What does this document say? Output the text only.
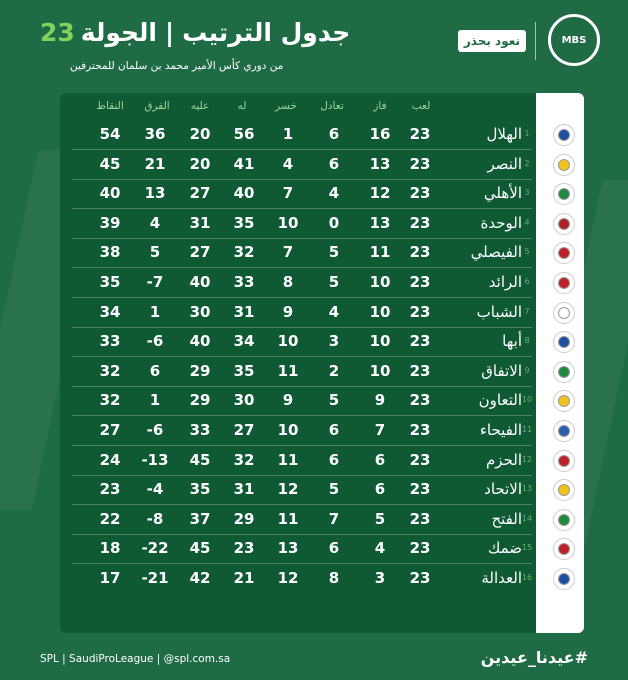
MBS
نعود بحذر
جدول الترتيب
|
الجولة
23
من دوري كأس الأمير محمد بن سلمان للمحترفين
لعب
فاز
تعادل
خسر
له
عليه
الفرق
النقاط
1
الهلال
23
16
6
1
56
20
36
54
2
النصر
23
13
6
4
41
20
21
45
3
الأهلي
23
12
4
7
40
27
13
40
4
الوحدة
23
13
0
10
35
31
4
39
5
الفيصلي
23
11
5
7
32
27
5
38
6
الرائد
23
10
5
8
33
40
-7
35
7
الشباب
23
10
4
9
31
30
1
34
8
أبها
23
10
3
10
34
40
-6
33
9
الاتفاق
23
10
2
11
35
29
6
32
10
التعاون
23
9
5
9
30
29
1
32
11
الفيحاء
23
7
6
10
27
33
-6
27
12
الحزم
23
6
6
11
32
45
-13
24
13
الاتحاد
23
6
5
12
31
35
-4
23
14
الفتح
23
5
7
11
29
37
-8
22
15
ضمك
23
4
6
13
23
45
-22
18
16
العدالة
23
3
8
12
21
42
-21
17
SPL | SaudiProLeague | @spl.com.sa	#عيدنا_عيدين
